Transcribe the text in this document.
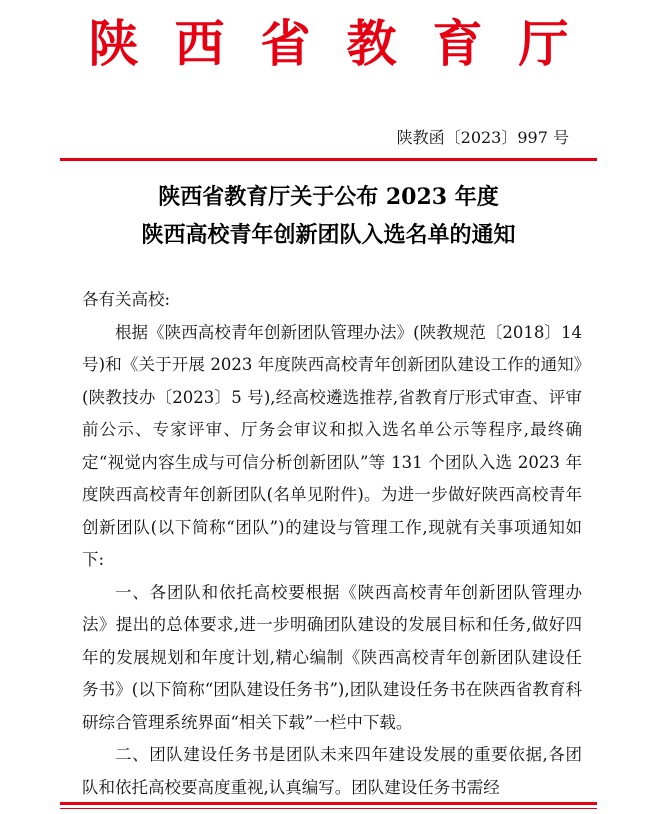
陕 西 省 教 育 厅
陕教函〔2023〕997 号
陕西省教育厅关于公布 2023 年度
陕西高校青年创新团队入选名单的通知

各有关高校:

根据《陕西高校青年创新团队管理办法》(陕教规范〔2018〕14 号)和《关于开展 2023 年度陕西高校青年创新团队建设工作的通知》(陕教技办〔2023〕5 号),经高校遴选推荐,省教育厅形式审查、评审前公示、专家评审、厅务会审议和拟入选名单公示等程序,最终确定“视觉内容生成与可信分析创新团队”等 131 个团队入选 2023 年度陕西高校青年创新团队(名单见附件)。为进一步做好陕西高校青年创新团队(以下简称“团队”)的建设与管理工作,现就有关事项通知如下:

一、各团队和依托高校要根据《陕西高校青年创新团队管理办法》提出的总体要求,进一步明确团队建设的发展目标和任务,做好四年的发展规划和年度计划,精心编制《陕西高校青年创新团队建设任务书》(以下简称“团队建设任务书”),团队建设任务书在陕西省教育科研综合管理系统界面“相关下载”一栏中下载。

二、团队建设任务书是团队未来四年建设发展的重要依据,各团队和依托高校要高度重视,认真编写。团队建设任务书需经
